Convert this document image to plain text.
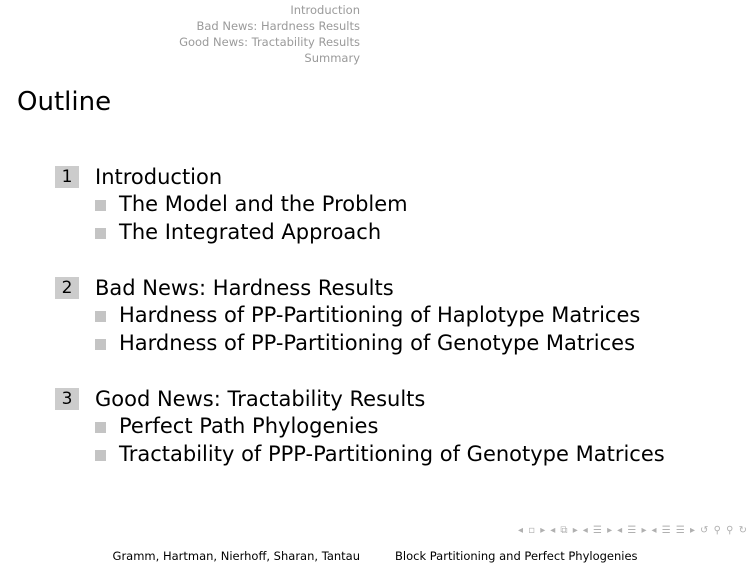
Introduction
Bad News: Hardness Results
Good News: Tractability Results
Summary
Outline
1	Introduction
The Model and the Problem
The Integrated Approach
2	Bad News: Hardness Results
Hardness of PP-Partitioning of Haplotype Matrices
Hardness of PP-Partitioning of Genotype Matrices
3	Good News: Tractability Results
Perfect Path Phylogenies
Tractability of PPP-Partitioning of Genotype Matrices
◂ ▫ ▸ ◂ ⧉ ▸ ◂ ☰ ▸ ◂ ☰ ▸ ◂ ☰ ☰ ▸ ↺ ⚲ ⚲ ↻
Gramm, Hartman, Nierhoff, Sharan, Tantau	Block Partitioning and Perfect Phylogenies
